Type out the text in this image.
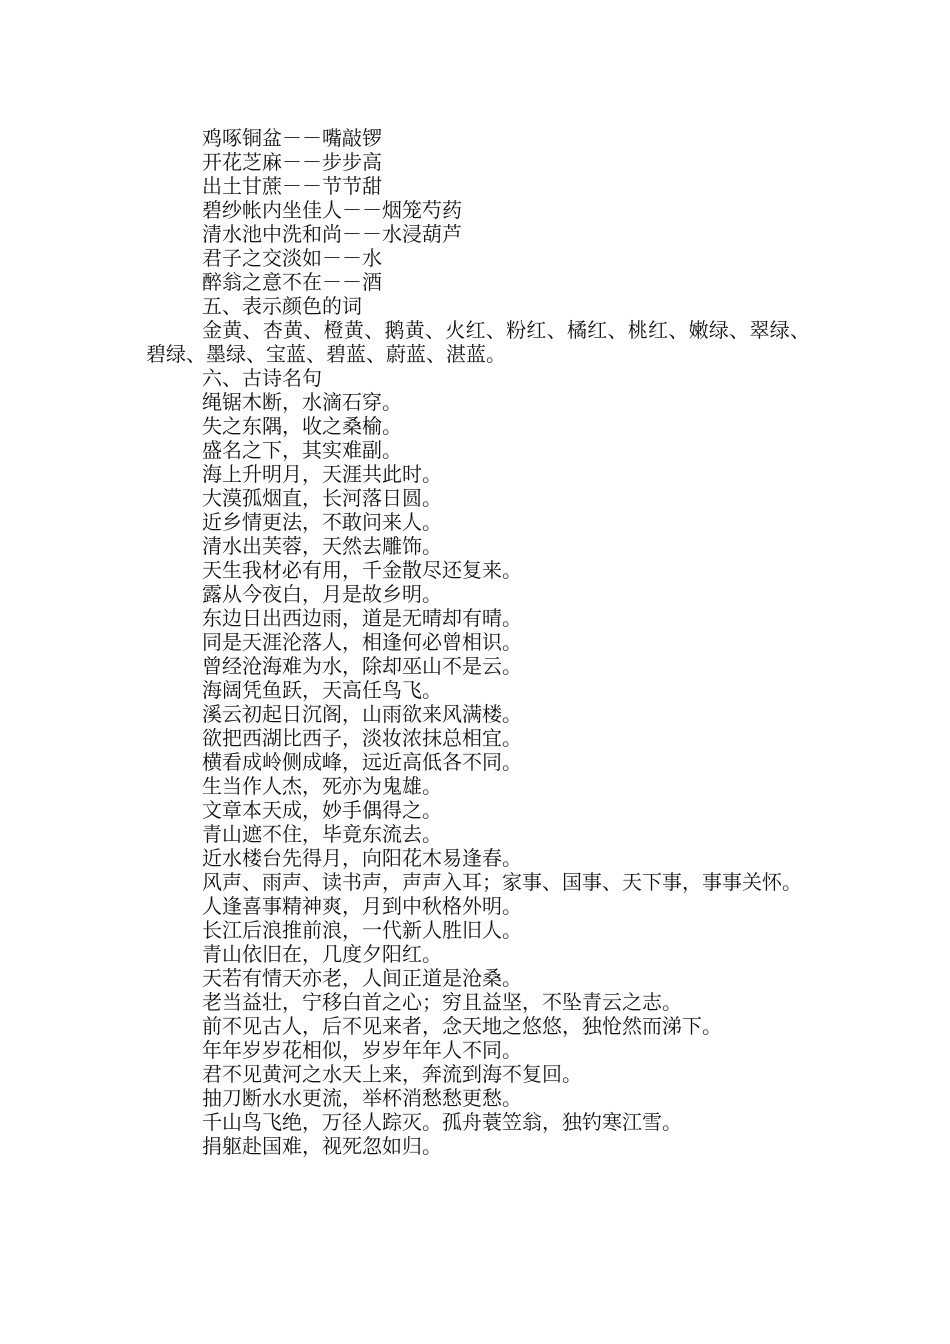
鸡啄铜盆－－嘴敲锣
开花芝麻－－步步高
出土甘蔗－－节节甜
碧纱帐内坐佳人－－烟笼芍药
清水池中洗和尚－－水浸葫芦
君子之交淡如－－水
醉翁之意不在－－酒
五、表示颜色的词
金黄、杏黄、橙黄、鹅黄、火红、粉红、橘红、桃红、嫩绿、翠绿、碧绿、墨绿、宝蓝、碧蓝、蔚蓝、湛蓝。
六、古诗名句
绳锯木断，水滴石穿。
失之东隅，收之桑榆。
盛名之下，其实难副。
海上升明月，天涯共此时。
大漠孤烟直，长河落日圆。
近乡情更法，不敢问来人。
清水出芙蓉，天然去雕饰。
天生我材必有用，千金散尽还复来。
露从今夜白，月是故乡明。
东边日出西边雨，道是无晴却有晴。
同是天涯沦落人，相逢何必曾相识。
曾经沧海难为水，除却巫山不是云。
海阔凭鱼跃，天高任鸟飞。
溪云初起日沉阁，山雨欲来风满楼。
欲把西湖比西子，淡妆浓抹总相宜。
横看成岭侧成峰，远近高低各不同。
生当作人杰，死亦为鬼雄。
文章本天成，妙手偶得之。
青山遮不住，毕竟东流去。
近水楼台先得月，向阳花木易逢春。
风声、雨声、读书声，声声入耳；家事、国事、天下事，事事关怀。
人逢喜事精神爽，月到中秋格外明。
长江后浪推前浪，一代新人胜旧人。
青山依旧在，几度夕阳红。
天若有情天亦老，人间正道是沧桑。
老当益壮，宁移白首之心；穷且益坚，不坠青云之志。
前不见古人，后不见来者，念天地之悠悠，独怆然而涕下。
年年岁岁花相似，岁岁年年人不同。
君不见黄河之水天上来，奔流到海不复回。
抽刀断水水更流，举杯消愁愁更愁。
千山鸟飞绝，万径人踪灭。孤舟蓑笠翁，独钓寒江雪。
捐躯赴国难，视死忽如归。
